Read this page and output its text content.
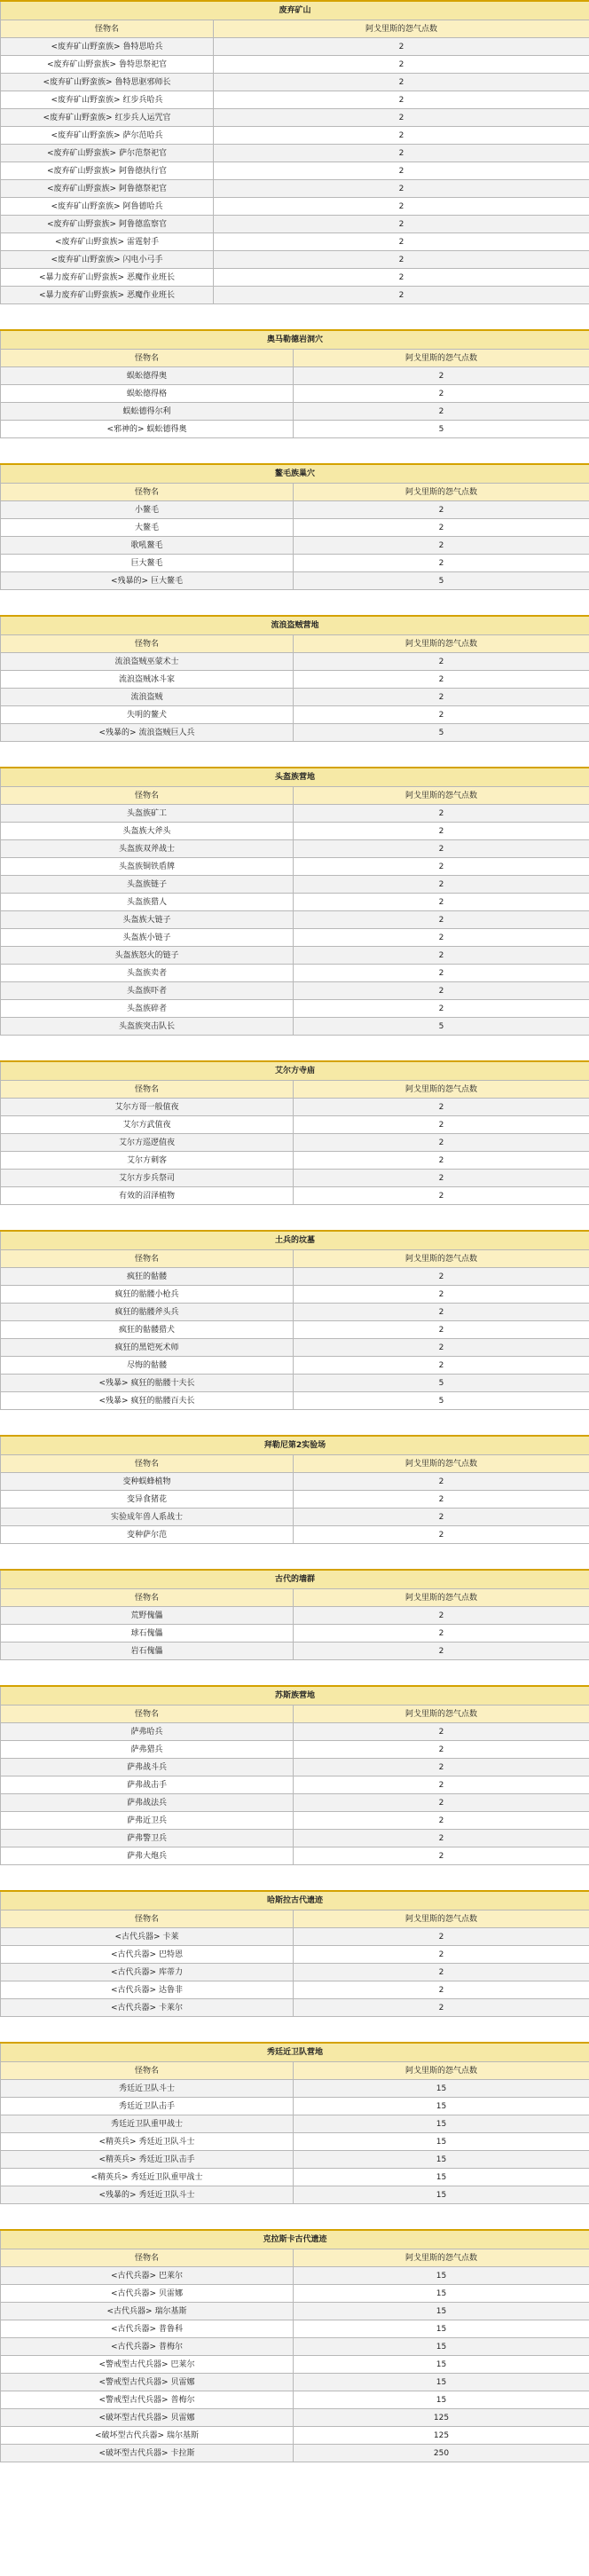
废弃矿山	
怪物名	阿戈里斯的怨气点数
<废弃矿山野蛮族> 鲁特思哈兵	2
<废弃矿山野蛮族> 鲁特思祭祀官	2
<废弃矿山野蛮族> 鲁特思驱邪师长	2
<废弃矿山野蛮族> 红步兵哈兵	2
<废弃矿山野蛮族> 红步兵人运咒官	2
<废弃矿山野蛮族> 萨尔范哈兵	2
<废弃矿山野蛮族> 萨尔范祭祀官	2
<废弃矿山野蛮族> 阿鲁德执行官	2
<废弃矿山野蛮族> 阿鲁德祭祀官	2
<废弃矿山野蛮族> 阿鲁德哈兵	2
<废弃矿山野蛮族> 阿鲁德监察官	2
<废弃矿山野蛮族> 雷霆射手	2
<废弃矿山野蛮族> 闪电小弓手	2
<暴力废弃矿山野蛮族> 恶魔作业班长	2
<暴力废弃矿山野蛮族> 恶魔作业班长	2
奥马勒德岩洞穴	
怪物名	阿戈里斯的怨气点数
蜈蚣德得奥	2
蜈蚣德得格	2
蜈蚣德得尔利	2
<邪神的> 蜈蚣德得奥	5
鳌毛族巢穴	
怪物名	阿戈里斯的怨气点数
小鳌毛	2
大鳌毛	2
歌吼鳌毛	2
巨大鳌毛	2
<残暴的> 巨大鳌毛	5
流浪盗贼营地	
怪物名	阿戈里斯的怨气点数
流浪盗贼巫蒙术士	2
流浪盗贼冰斗家	2
流浪盗贼	2
失明的鳌犬	2
<残暴的> 流浪盗贼巨人兵	5
头盔族营地	
怪物名	阿戈里斯的怨气点数
头盔族矿工	2
头盔族大斧头	2
头盔族双斧战士	2
头盔族铜铁盾牌	2
头盔族链子	2
头盔族猎人	2
头盔族大链子	2
头盔族小链子	2
头盔族怒火的链子	2
头盔族卖者	2
头盔族吓者	2
头盔族碎者	2
头盔族突击队长	5
艾尔方寺庙	
怪物名	阿戈里斯的怨气点数
艾尔方哥一般值夜	2
艾尔方武值夜	2
艾尔方巡逻值夜	2
艾尔方刺客	2
艾尔方步兵祭司	2
有效的沼泽植物	2
土兵的坟墓	
怪物名	阿戈里斯的怨气点数
疯狂的骷髅	2
疯狂的骷髅小枪兵	2
疯狂的骷髅斧头兵	2
疯狂的骷髅猎犬	2
疯狂的黑铠死术师	2
尽悔的骷髅	2
<残暴> 疯狂的骷髅十夫长	5
<残暴> 疯狂的骷髅百夫长	5
拜勒尼第2实验场	
怪物名	阿戈里斯的怨气点数
变种蜈蜂植物	2
变异食猪花	2
实验成年兽人系战士	2
变种萨尔范	2
古代的墙群	
怪物名	阿戈里斯的怨气点数
荒野傀儡	2
球石傀儡	2
岩石傀儡	2
苏斯族营地	
怪物名	阿戈里斯的怨气点数
萨弗哈兵	2
萨弗猎兵	2
萨弗战斗兵	2
萨弗战击手	2
萨弗战法兵	2
萨弗近卫兵	2
萨弗警卫兵	2
萨弗大炮兵	2
哈斯拉古代遗迹	
怪物名	阿戈里斯的怨气点数
<古代兵器> 卡莱	2
<古代兵器> 巴特恩	2
<古代兵器> 库蒂力	2
<古代兵器> 达鲁非	2
<古代兵器> 卡莱尔	2
秀廷近卫队营地	
怪物名	阿戈里斯的怨气点数
秀廷近卫队斗士	15
秀廷近卫队击手	15
秀廷近卫队重甲战士	15
<精英兵> 秀廷近卫队斗士	15
<精英兵> 秀廷近卫队击手	15
<精英兵> 秀廷近卫队重甲战士	15
<残暴的> 秀廷近卫队斗士	15
克拉斯卡古代遗迹	
怪物名	阿戈里斯的怨气点数
<古代兵器> 巴莱尔	15
<古代兵器> 贝雷娜	15
<古代兵器> 瑞尔基斯	15
<古代兵器> 普鲁科	15
<古代兵器> 普梅尔	15
<警戒型古代兵器> 巴莱尔	15
<警戒型古代兵器> 贝雷娜	15
<警戒型古代兵器> 普梅尔	15
<破坏型古代兵器> 贝雷娜	125
<破坏型古代兵器> 瑞尔基斯	125
<破坏型古代兵器> 卡拉斯	250
